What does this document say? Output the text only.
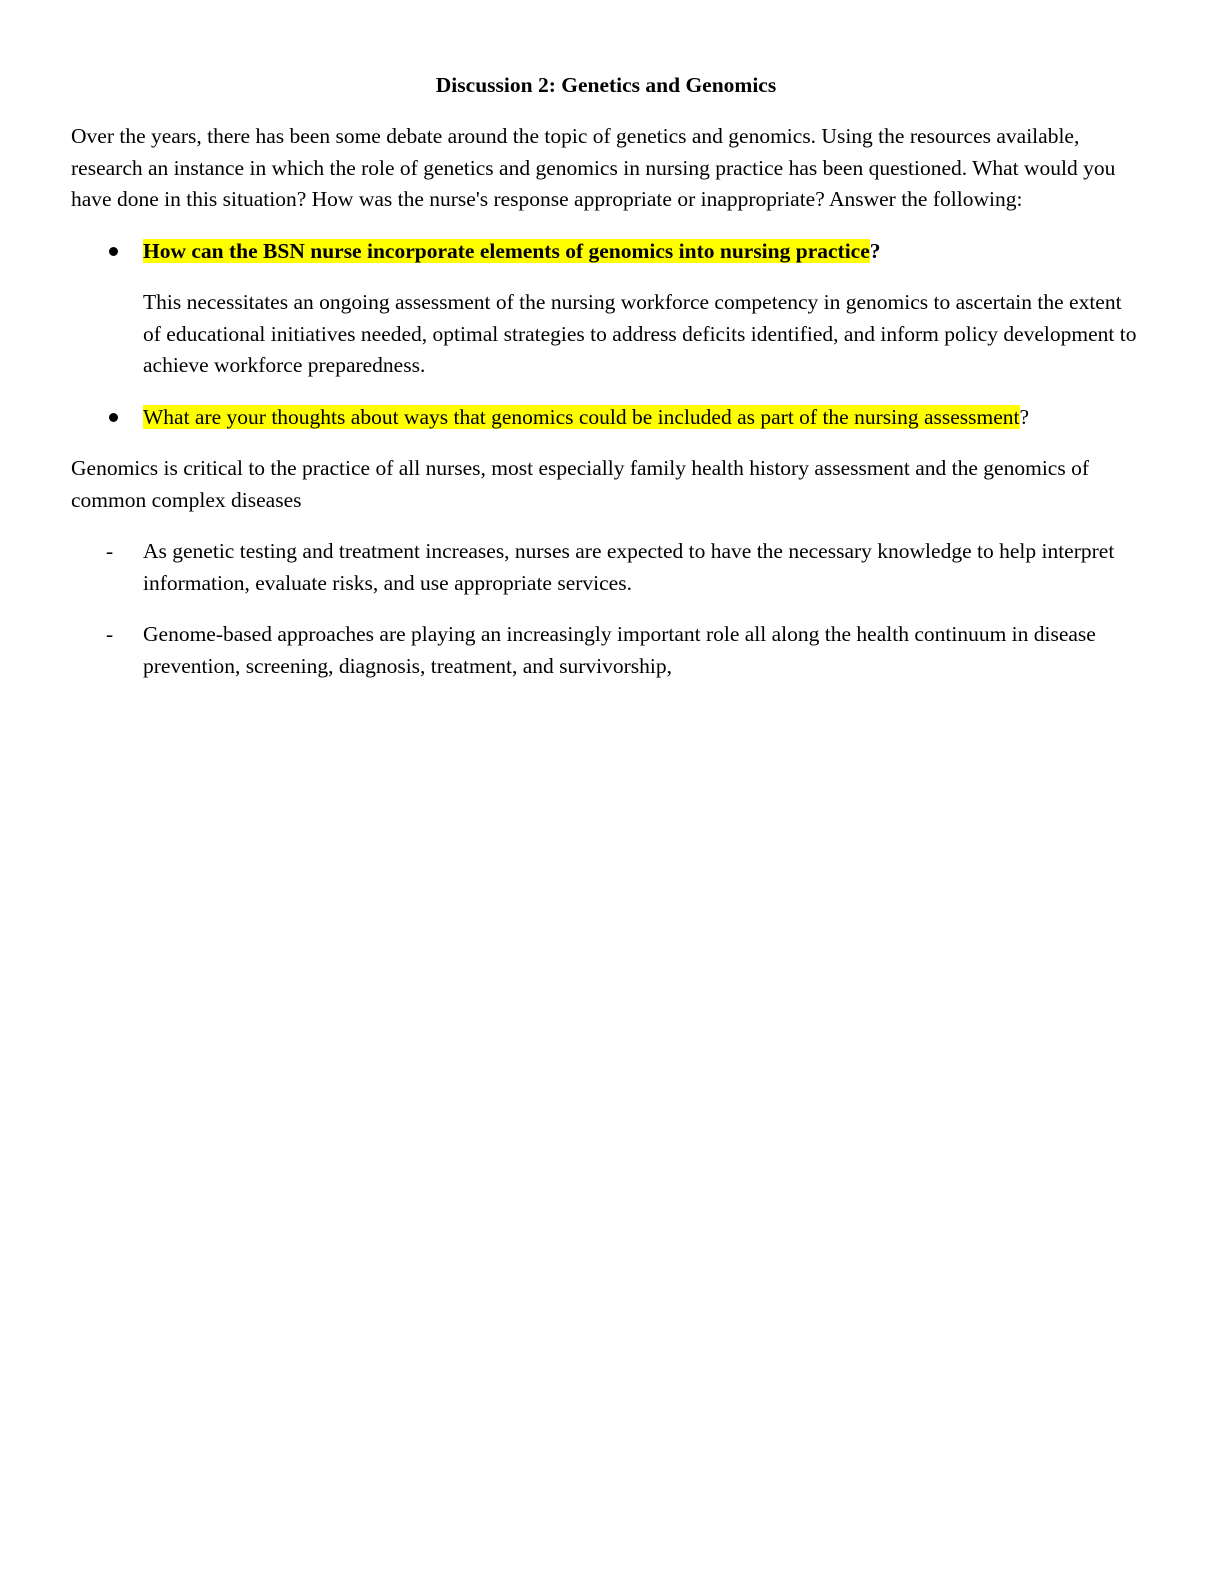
Discussion 2: Genetics and Genomics
Over the years, there has been some debate around the topic of genetics and genomics. Using the resources available, research an instance in which the role of genetics and genomics in nursing practice has been questioned. What would you have done in this situation? How was the nurse's response appropriate or inappropriate? Answer the following:
How can the BSN nurse incorporate elements of genomics into nursing practice?
This necessitates an ongoing assessment of the nursing workforce competency in genomics to ascertain the extent of educational initiatives needed, optimal strategies to address deficits identified, and inform policy development to achieve workforce preparedness.
What are your thoughts about ways that genomics could be included as part of the nursing assessment?
Genomics is critical to the practice of all nurses, most especially family health history assessment and the genomics of common complex diseases
- As genetic testing and treatment increases, nurses are expected to have the necessary knowledge to help interpret information, evaluate risks, and use appropriate services.
- Genome-based approaches are playing an increasingly important role all along the health continuum in disease prevention, screening, diagnosis, treatment, and survivorship,
